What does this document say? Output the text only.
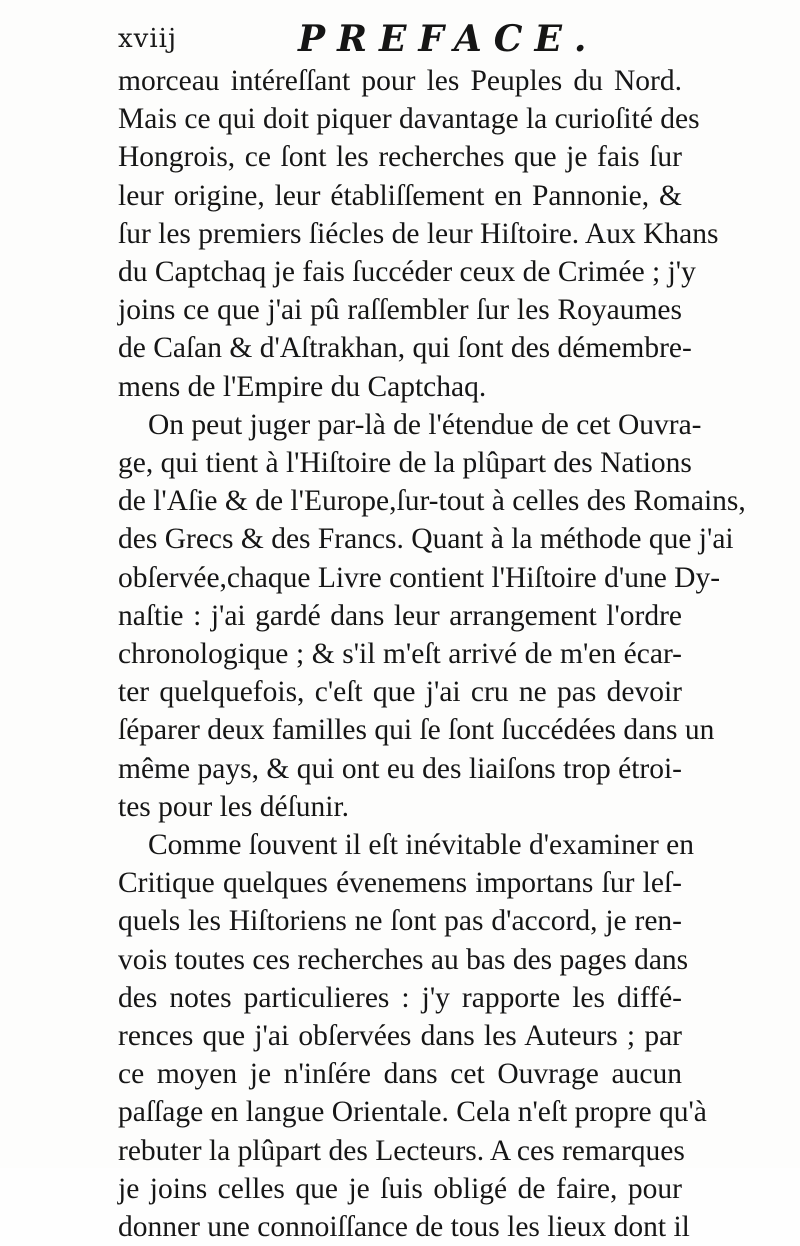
xviij	PREFACE.
morceau intéreſſant pour les Peuples du Nord.
Mais ce qui doit piquer davantage la curioſité des
Hongrois, ce ſont les recherches que je fais ſur
leur origine, leur établiſſement en Pannonie, &
ſur les premiers ſiécles de leur Hiſtoire. Aux Khans
du Captchaq je fais ſuccéder ceux de Crimée ; j'y
joins ce que j'ai pû raſſembler ſur les Royaumes
de Caſan & d'Aſtrakhan, qui ſont des démembre-
mens de l'Empire du Captchaq.
On peut juger par-là de l'étendue de cet Ouvra-
ge, qui tient à l'Hiſtoire de la plûpart des Nations
de l'Aſie & de l'Europe,ſur-tout à celles des Romains,
des Grecs & des Francs. Quant à la méthode que j'ai
obſervée,chaque Livre contient l'Hiſtoire d'une Dy-
naſtie : j'ai gardé dans leur arrangement l'ordre
chronologique ; & s'il m'eſt arrivé de m'en écar-
ter quelquefois, c'eſt que j'ai cru ne pas devoir
ſéparer deux familles qui ſe ſont ſuccédées dans un
même pays, & qui ont eu des liaiſons trop étroi-
tes pour les déſunir.
Comme ſouvent il eſt inévitable d'examiner en
Critique quelques évenemens importans ſur leſ-
quels les Hiſtoriens ne ſont pas d'accord, je ren-
vois toutes ces recherches au bas des pages dans
des notes particulieres : j'y rapporte les diffé-
rences que j'ai obſervées dans les Auteurs ; par
ce moyen je n'inſére dans cet Ouvrage aucun
paſſage en langue Orientale. Cela n'eſt propre qu'à
rebuter la plûpart des Lecteurs. A ces remarques
je joins celles que je ſuis obligé de faire, pour
donner une connoiſſance de tous les lieux dont il
